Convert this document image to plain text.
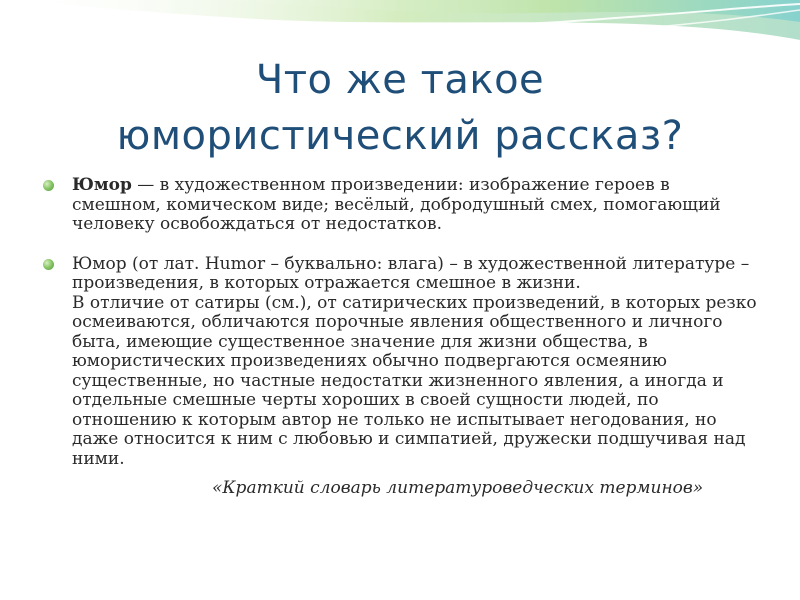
Что же такое
юмористический рассказ?
Юмор — в художественном произведении: изображение героев в смешном, комическом виде; весёлый, добродушный смех, помогающий человеку освобождаться от недостатков.
Юмор (от лат. Humor – буквально: влага) – в художественной литературе – произведения, в которых отражается смешное в жизни.
В отличие от сатиры (см.), от сатирических произведений, в которых резко осмеиваются, обличаются порочные явления общественного и личного быта, имеющие существенное значение для жизни общества, в юмористических произведениях обычно подвергаются осмеянию существенные, но частные недостатки жизненного явления, а иногда и отдельные смешные черты хороших в своей сущности людей, по отношению к которым автор не только не испытывает негодования, но даже относится к ним с любовью и симпатией, дружески подшучивая над ними.
«Краткий словарь литературоведческих терминов»
